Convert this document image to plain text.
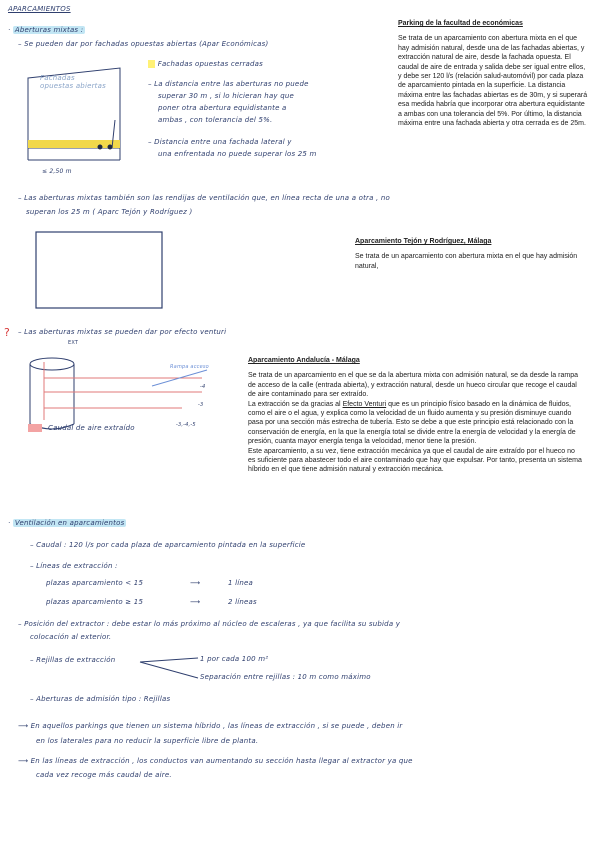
APARCAMIENTOS
· Aberturas mixtas :
– Se pueden dar por fachadas opuestas abiertas (Apar Económicas)
Fachadas opuestas abiertas
≤ 2,50 m
Fachadas opuestas cerradas
– La distancia entre las aberturas no puede
superar 30 m , si lo hicieran hay que
poner otra abertura equidistante a
ambas , con tolerancia del 5%.
– Distancia entre una fachada lateral y
una enfrentada no puede superar los 25 m
Parking de la facultad de económicas

Se trata de un aparcamiento con abertura mixta en el que hay admisión natural, desde una de las fachadas abiertas, y extracción natural de aire, desde la fachada opuesta. El caudal de aire de entrada y salida debe ser igual entre ellos, y debe ser 120 l/s (relación salud-automóvil) por cada plaza de aparcamiento pintada en la superficie. La distancia máxima entre las fachadas abiertas es de 30m, y si superará esa medida habría que incorporar otra abertura equidistante a ambas con una tolerancia del 5%. Por último, la distancia máxima entre una fachada abierta y otra cerrada es de 25m.

– Las aberturas mixtas también son las rendijas de ventilación que, en línea recta de una a otra , no
superan los 25 m ( Aparc Tejón y Rodríguez )
Aparcamiento Tejón y Rodríguez, Málaga

Se trata de un aparcamiento con abertura mixta en el que hay admisión natural,

? – Las aberturas mixtas se pueden dar por efecto venturi
EXT
Rampa acceso
-4
-3
-3,-4,-5
Caudal de aire extraído
Aparcamiento Andalucía - Málaga

Se trata de un aparcamiento en el que se da la abertura mixta con admisión natural, se da desde la rampa de acceso de la calle (entrada abierta), y extracción natural, desde un hueco circular que recoge el caudal de aire contaminado para ser extraído.

La extracción se da gracias al Efecto Venturi que es un principio físico basado en la dinámica de fluidos, como el aire o el agua, y explica como la velocidad de un fluido aumenta y su presión disminuye cuando pasa por una sección más estrecha de tubería. Esto se debe a que este principio está relacionado con la conservación de energía, en la que la energía total se divide entre la energía de velocidad y la energía de presión, cuanta mayor energía tenga la velocidad, menor tiene la presión.

Este aparcamiento, a su vez, tiene extracción mecánica ya que el caudal de aire extraído por el hueco no es suficiente para abastecer todo el aire contaminado que hay que expulsar. Por tanto, presenta un sistema híbrido en el que tiene admisión natural y extracción mecánica.

· Ventilación en aparcamientos
– Caudal : 120 l/s por cada plaza de aparcamiento pintada en la superficie
– Líneas de extracción :
plazas aparcamiento < 15	⟶	1 línea
plazas aparcamiento ≥ 15	⟶	2 líneas
– Posición del extractor : debe estar lo más próximo al núcleo de escaleras , ya que facilita su subida y
colocación al exterior.
– Rejillas de extracción	1 por cada 100 m²
Separación entre rejillas : 10 m como máximo
– Aberturas de admisión tipo : Rejillas
⟶ En aquellos parkings que tienen un sistema híbrido , las líneas de extracción , si se puede , deben ir
en los laterales para no reducir la superficie libre de planta.
⟶ En las líneas de extracción , los conductos van aumentando su sección hasta llegar al extractor ya que
cada vez recoge más caudal de aire.
